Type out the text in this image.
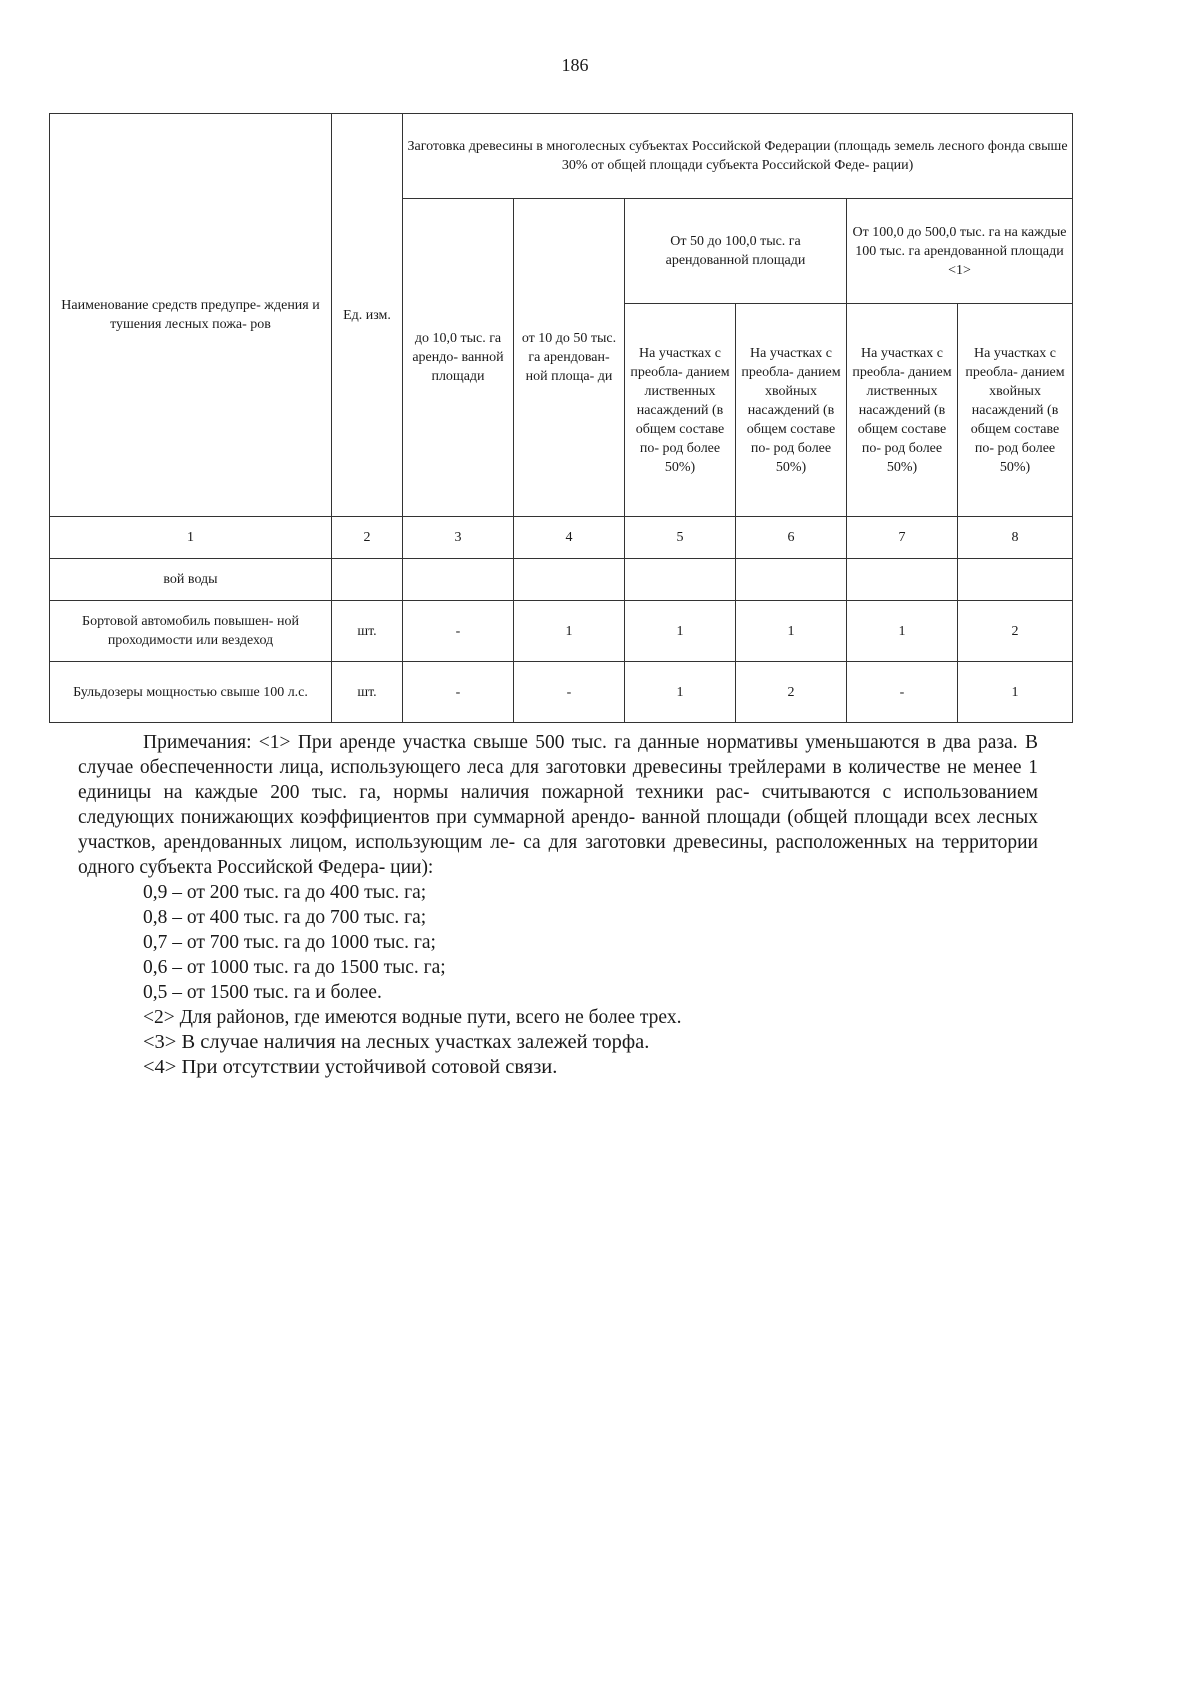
186
Наименование средств предупре- ждения и тушения лесных пожа- ров	Ед. изм.	Заготовка древесины в многолесных субъектах Российской Федерации (площадь земель лесного фонда свыше 30% от общей площади субъекта Российской Феде- рации)					
		до 10,0 тыс. га арендо- ванной площади	от 10 до 50 тыс. га арендован- ной площа- ди	От 50 до 100,0 тыс. га арендованной площади		От 100,0 до 500,0 тыс. га на каждые 100 тыс. га арендованной площади <1>	
				На участках с преобла- данием лиственных насаждений (в общем составе по- род более 50%)	На участках с преобла- данием хвойных насаждений (в общем составе по- род более 50%)	На участках с преобла- данием лиственных насаждений (в общем составе по- род более 50%)	На участках с преобла- данием хвойных насаждений (в общем составе по- род более 50%)
1	2	3	4	5	6	7	8
вой воды							
Бортовой автомобиль повышен- ной проходимости или вездеход	шт.	-	1	1	1	1	2
Бульдозеры мощностью свыше 100 л.с.	шт.	-	-	1	2	-	1

Примечания: <1> При аренде участка свыше 500 тыс. га данные нормативы уменьшаются в два раза. В случае обеспеченности лица, использующего леса для заготовки древесины трейлерами в количестве не менее 1 единицы на каждые 200 тыс. га, нормы наличия пожарной техники рас- считываются с использованием следующих понижающих коэффициентов при суммарной арендо- ванной площади (общей площади всех лесных участков, арендованных лицом, использующим ле- са для заготовки древесины, расположенных на территории одного субъекта Российской Федера- ции):

0,9 – от 200 тыс. га до 400 тыс. га;

0,8 – от 400 тыс. га до 700 тыс. га;

0,7 – от 700 тыс. га до 1000 тыс. га;

0,6 – от 1000 тыс. га до 1500 тыс. га;

0,5 – от 1500 тыс. га и более.

<2> Для районов, где имеются водные пути, всего не более трех.

<3> В случае наличия на лесных участках залежей торфа.

<4> При отсутствии устойчивой сотовой связи.
